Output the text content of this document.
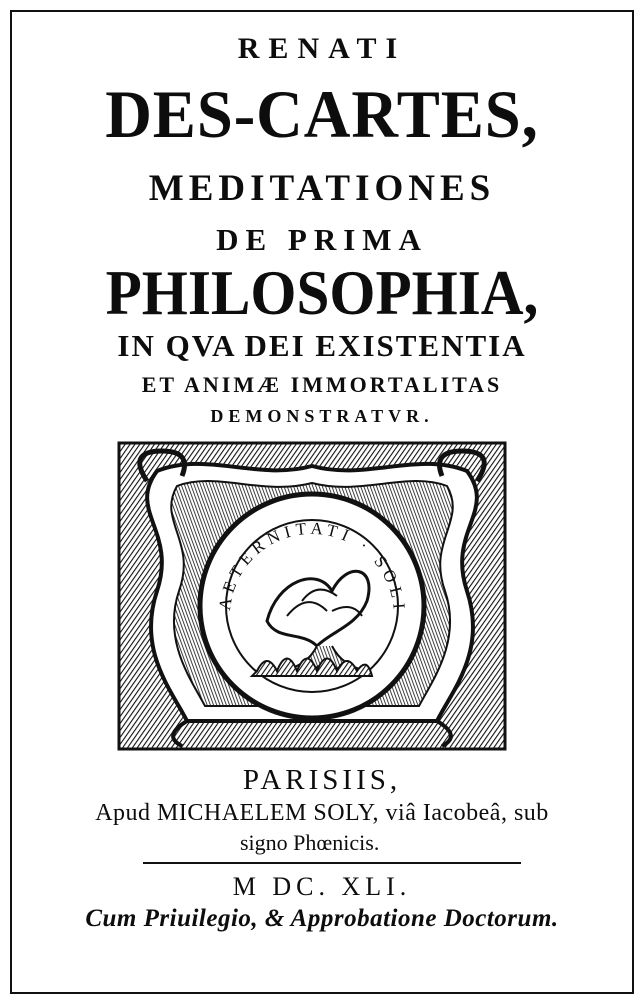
RENATI
DES-CARTES,
MEDITATIONES
DE PRIMA
PHILOSOPHIA,
IN QVA DEI EXISTENTIA
ET ANIMÆ IMMORTALITAS
DEMONSTRATVR.
AETERNITATI · SOLI
PARISIIS,
Apud MICHAELEM SOLY, viâ Iacobeâ, sub
signo Phœnicis.
M DC. XLI.
Cum Priuilegio, & Approbatione Doctorum.
